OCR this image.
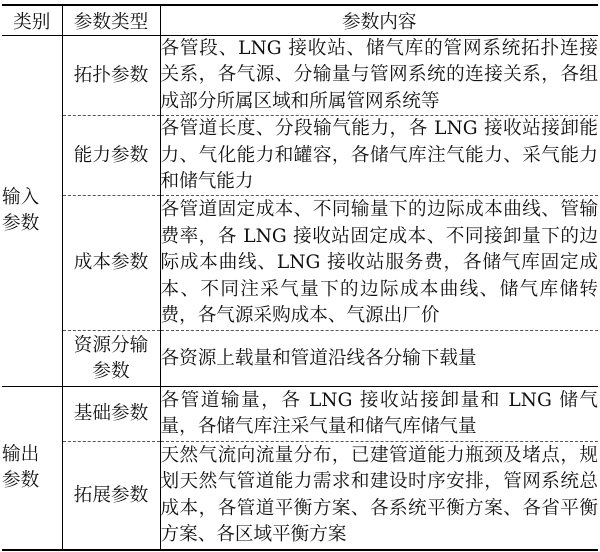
类别	参数类型	参数内容
输入参数	拓扑参数	各管段、LNG 接收站、储气库的管网系统拓扑连接关系，各气源、分输量与管网系统的连接关系，各组成部分所属区域和所属管网系统等
	能力参数	各管道长度、分段输气能力，各 LNG 接收站接卸能力、气化能力和罐容，各储气库注气能力、采气能力和储气能力
	成本参数	各管道固定成本、不同输量下的边际成本曲线、管输费率，各 LNG 接收站固定成本、不同接卸量下的边际成本曲线、LNG 接收站服务费，各储气库固定成本、不同注采气量下的边际成本曲线、储气库储转费，各气源采购成本、气源出厂价
	资源分输参数	各资源上载量和管道沿线各分输下载量
输出参数	基础参数	各管道输量，各 LNG 接收站接卸量和 LNG 储气量，各储气库注采气量和储气库储气量
	拓展参数	天然气流向流量分布，已建管道能力瓶颈及堵点，规划天然气管道能力需求和建设时序安排，管网系统总成本，各管道平衡方案、各系统平衡方案、各省平衡方案、各区域平衡方案
